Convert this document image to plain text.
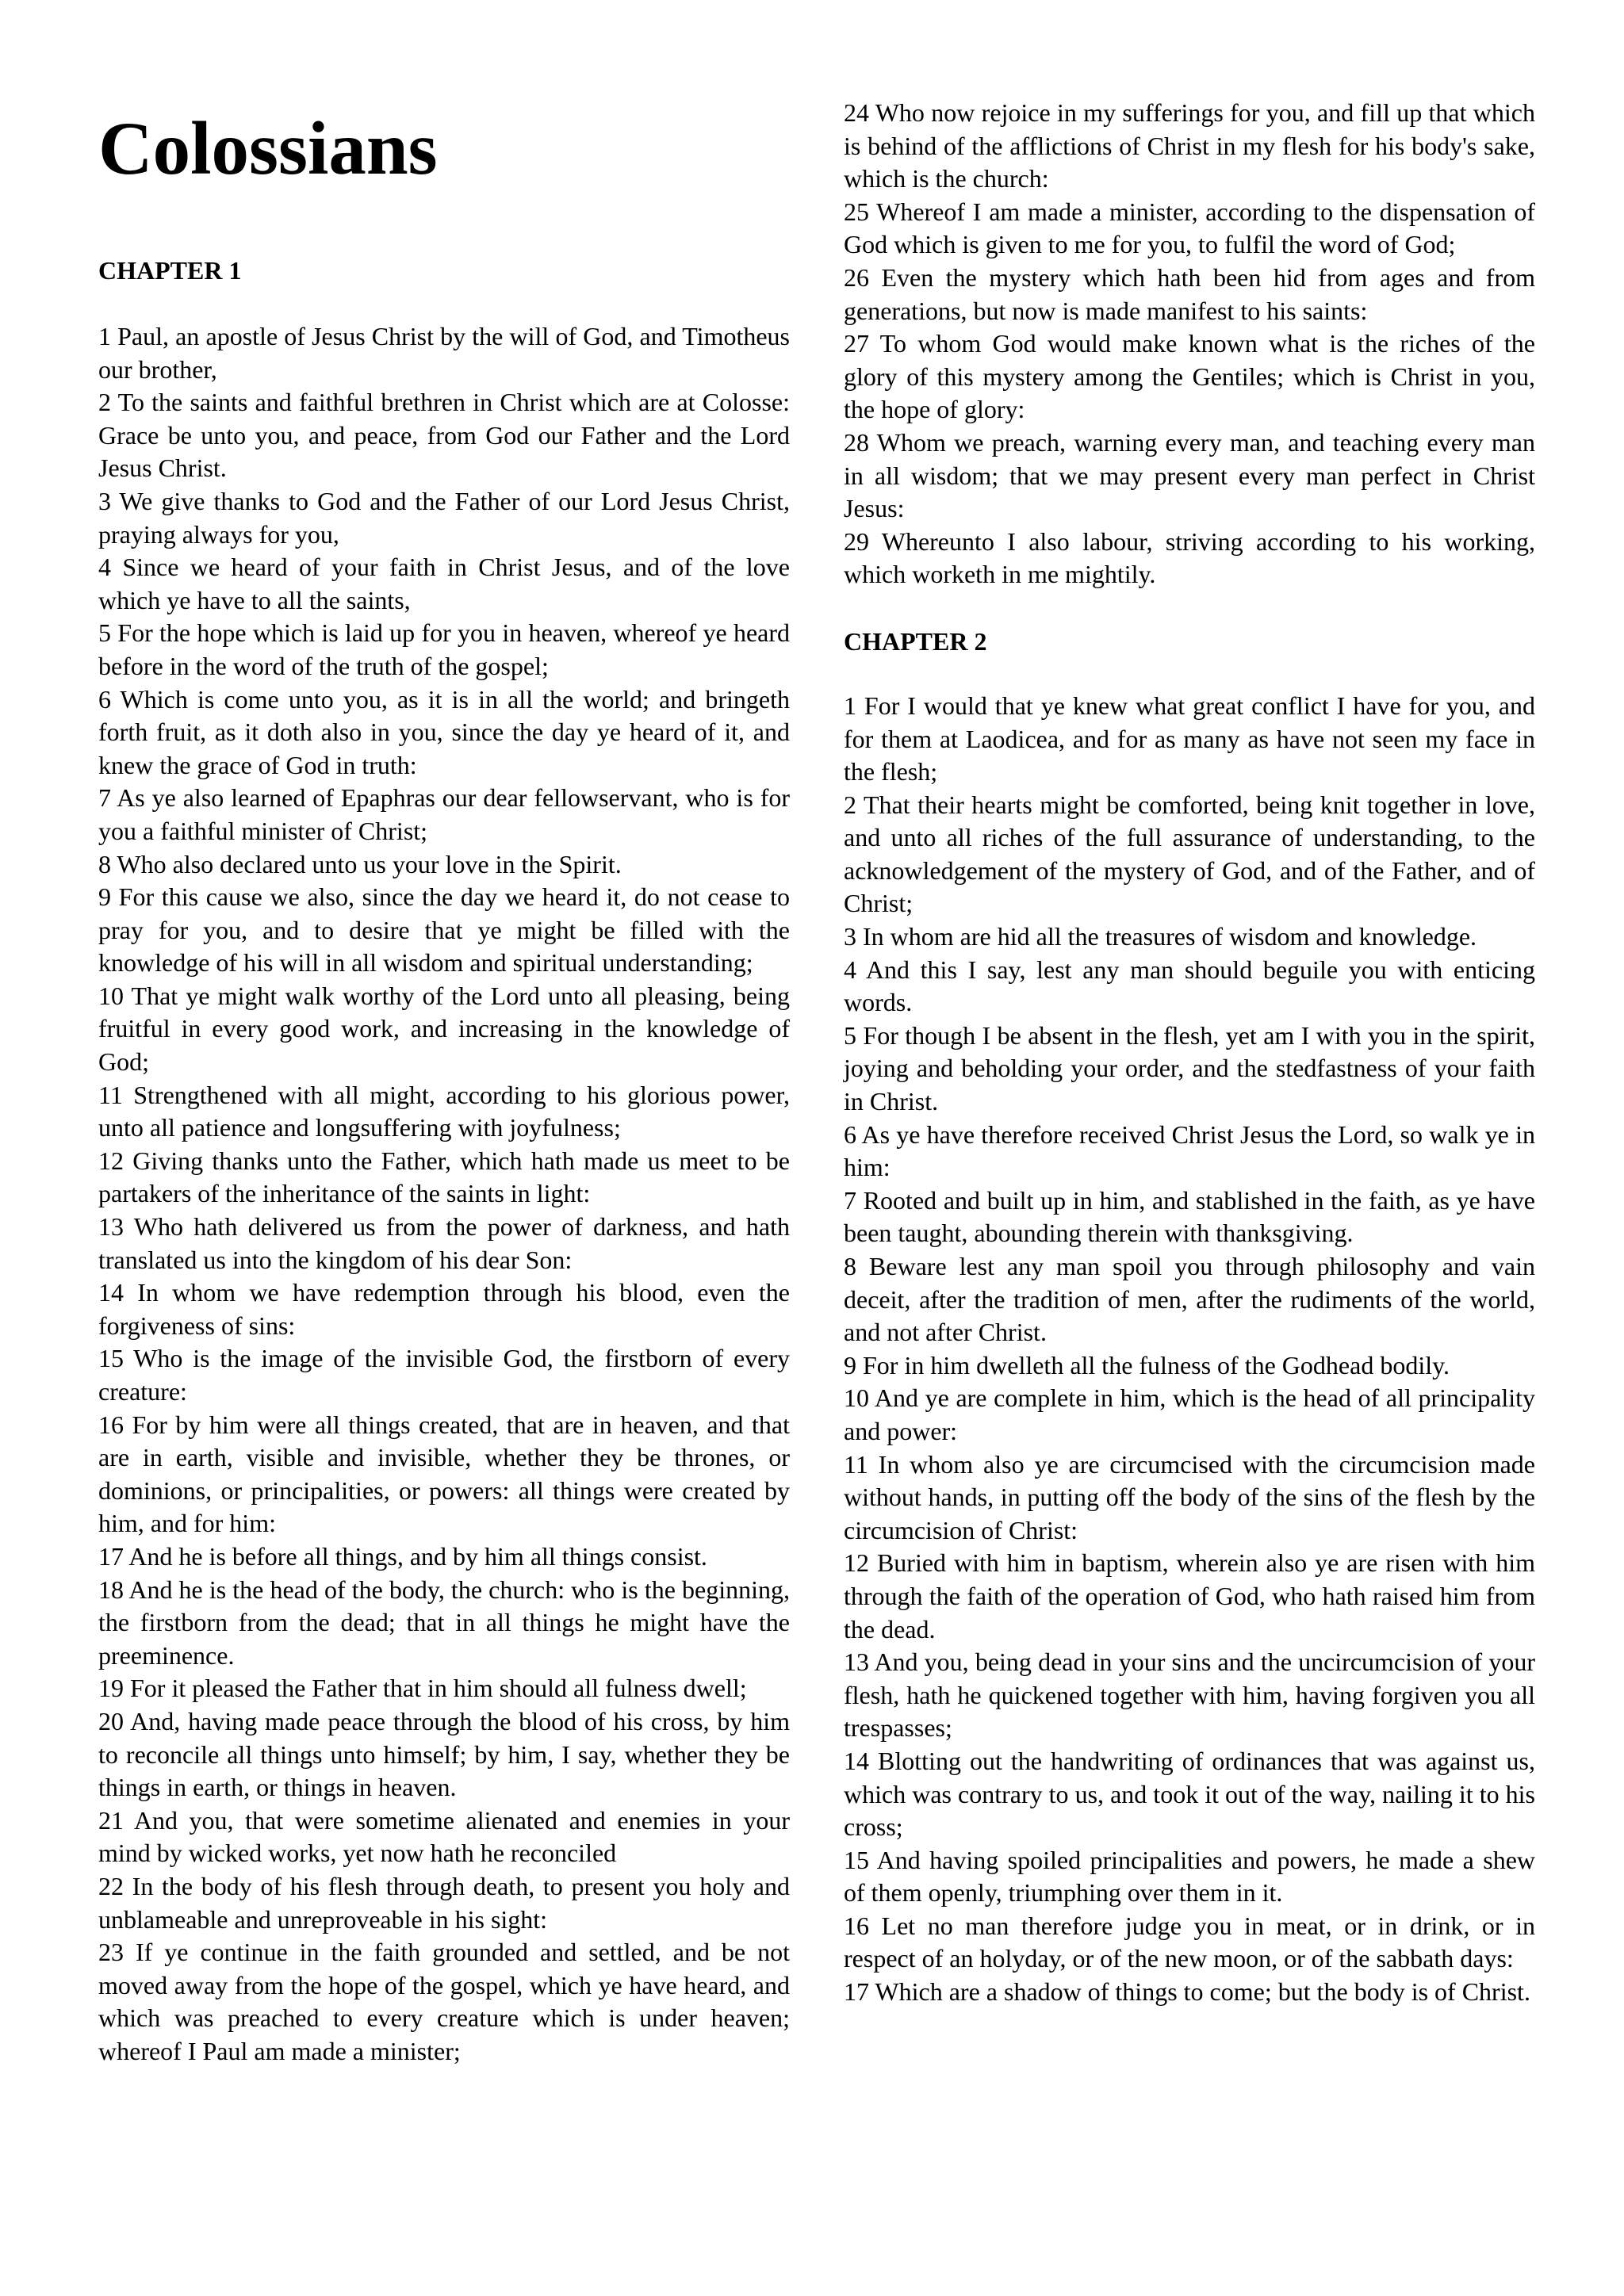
Colossians
CHAPTER 1

1 Paul, an apostle of Jesus Christ by the will of God, and Timotheus our brother,

2 To the saints and faithful brethren in Christ which are at Colosse: Grace be unto you, and peace, from God our Father and the Lord Jesus Christ.

3 We give thanks to God and the Father of our Lord Jesus Christ, praying always for you,

4 Since we heard of your faith in Christ Jesus, and of the love which ye have to all the saints,

5 For the hope which is laid up for you in heaven, whereof ye heard before in the word of the truth of the gospel;

6 Which is come unto you, as it is in all the world; and bringeth forth fruit, as it doth also in you, since the day ye heard of it, and knew the grace of God in truth:

7 As ye also learned of Epaphras our dear fellowservant, who is for you a faithful minister of Christ;

8 Who also declared unto us your love in the Spirit.

9 For this cause we also, since the day we heard it, do not cease to pray for you, and to desire that ye might be filled with the knowledge of his will in all wisdom and spiritual understanding;

10 That ye might walk worthy of the Lord unto all pleasing, being fruitful in every good work, and increasing in the knowledge of God;

11 Strengthened with all might, according to his glorious power, unto all patience and longsuffering with joyfulness;

12 Giving thanks unto the Father, which hath made us meet to be partakers of the inheritance of the saints in light:

13 Who hath delivered us from the power of darkness, and hath translated us into the kingdom of his dear Son:

14 In whom we have redemption through his blood, even the forgiveness of sins:

15 Who is the image of the invisible God, the firstborn of every creature:

16 For by him were all things created, that are in heaven, and that are in earth, visible and invisible, whether they be thrones, or dominions, or principalities, or powers: all things were created by him, and for him:

17 And he is before all things, and by him all things consist.

18 And he is the head of the body, the church: who is the beginning, the firstborn from the dead; that in all things he might have the preeminence.

19 For it pleased the Father that in him should all fulness dwell;

20 And, having made peace through the blood of his cross, by him to reconcile all things unto himself; by him, I say, whether they be things in earth, or things in heaven.

21 And you, that were sometime alienated and enemies in your mind by wicked works, yet now hath he reconciled

22 In the body of his flesh through death, to present you holy and unblameable and unreproveable in his sight:

23 If ye continue in the faith grounded and settled, and be not moved away from the hope of the gospel, which ye have heard, and which was preached to every creature which is under heaven; whereof I Paul am made a minister;

24 Who now rejoice in my sufferings for you, and fill up that which is behind of the afflictions of Christ in my flesh for his body's sake, which is the church:

25 Whereof I am made a minister, according to the dispensation of God which is given to me for you, to fulfil the word of God;

26 Even the mystery which hath been hid from ages and from generations, but now is made manifest to his saints:

27 To whom God would make known what is the riches of the glory of this mystery among the Gentiles; which is Christ in you, the hope of glory:

28 Whom we preach, warning every man, and teaching every man in all wisdom; that we may present every man perfect in Christ Jesus:

29 Whereunto I also labour, striving according to his working, which worketh in me mightily.

CHAPTER 2

1 For I would that ye knew what great conflict I have for you, and for them at Laodicea, and for as many as have not seen my face in the flesh;

2 That their hearts might be comforted, being knit together in love, and unto all riches of the full assurance of understanding, to the acknowledgement of the mystery of God, and of the Father, and of Christ;

3 In whom are hid all the treasures of wisdom and knowledge.

4 And this I say, lest any man should beguile you with enticing words.

5 For though I be absent in the flesh, yet am I with you in the spirit, joying and beholding your order, and the stedfastness of your faith in Christ.

6 As ye have therefore received Christ Jesus the Lord, so walk ye in him:

7 Rooted and built up in him, and stablished in the faith, as ye have been taught, abounding therein with thanksgiving.

8 Beware lest any man spoil you through philosophy and vain deceit, after the tradition of men, after the rudiments of the world, and not after Christ.

9 For in him dwelleth all the fulness of the Godhead bodily.

10 And ye are complete in him, which is the head of all principality and power:

11 In whom also ye are circumcised with the circumcision made without hands, in putting off the body of the sins of the flesh by the circumcision of Christ:

12 Buried with him in baptism, wherein also ye are risen with him through the faith of the operation of God, who hath raised him from the dead.

13 And you, being dead in your sins and the uncircumcision of your flesh, hath he quickened together with him, having forgiven you all trespasses;

14 Blotting out the handwriting of ordinances that was against us, which was contrary to us, and took it out of the way, nailing it to his cross;

15 And having spoiled principalities and powers, he made a shew of them openly, triumphing over them in it.

16 Let no man therefore judge you in meat, or in drink, or in respect of an holyday, or of the new moon, or of the sabbath days:

17 Which are a shadow of things to come; but the body is of Christ.
